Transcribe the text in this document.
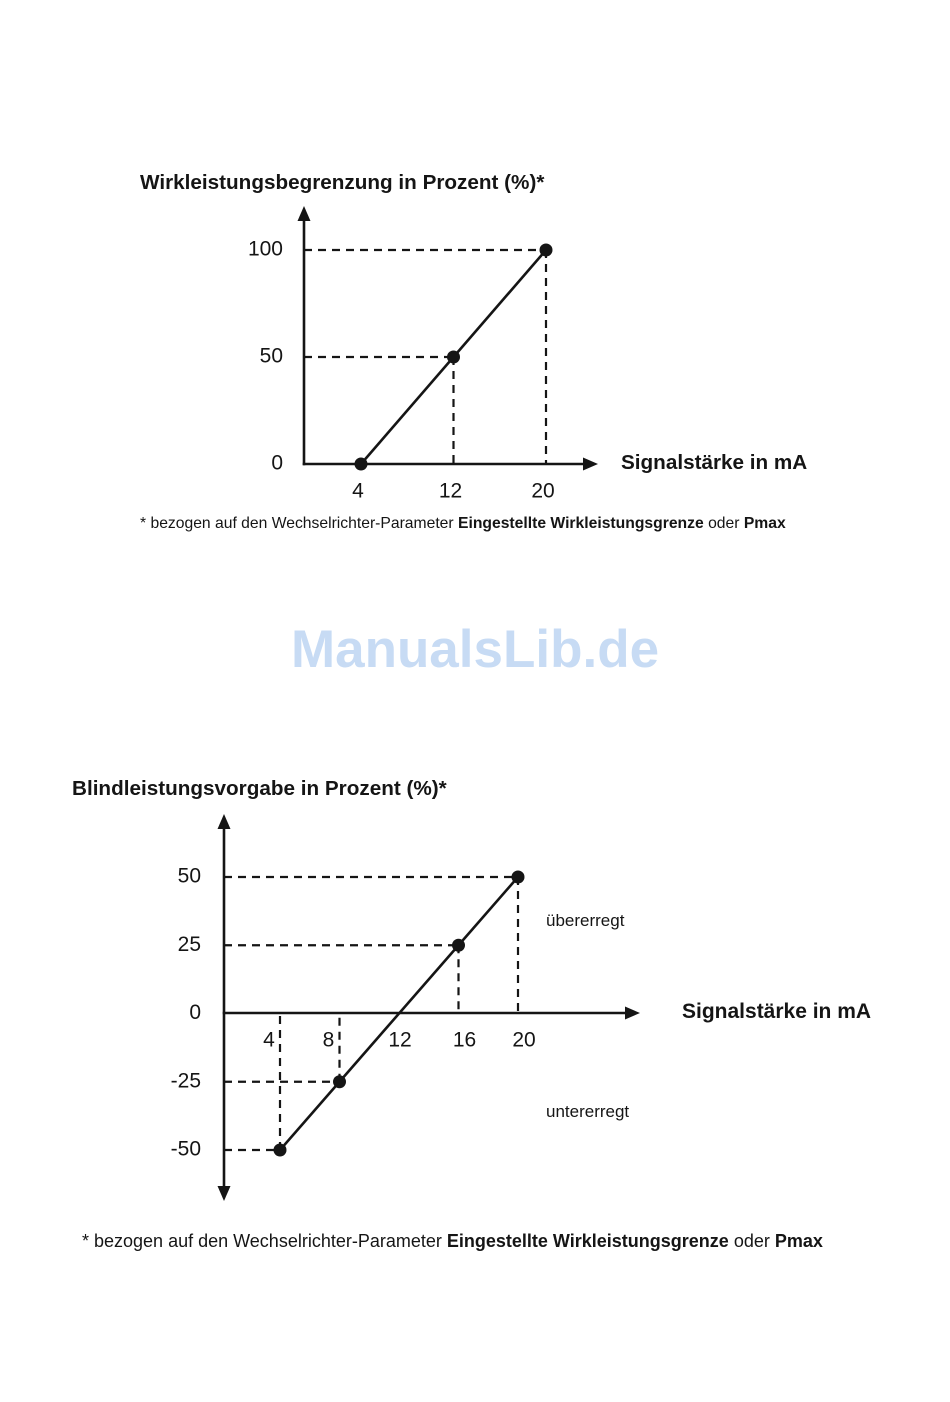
4	12	20
0
50
100
4 8	12 16 20
50
25
0
-25
-50
Wirkleistungsbegrenzung in Prozent (%)*
Signalstärke in mA
* bezogen auf den Wechselrichter-Parameter Eingestellte Wirkleistungsgrenze oder Pmax
ManualsLib.de
Blindleistungsvorgabe in Prozent (%)*
Signalstärke in mA
übererregt
untererregt
* bezogen auf den Wechselrichter-Parameter Eingestellte Wirkleistungsgrenze oder Pmax
